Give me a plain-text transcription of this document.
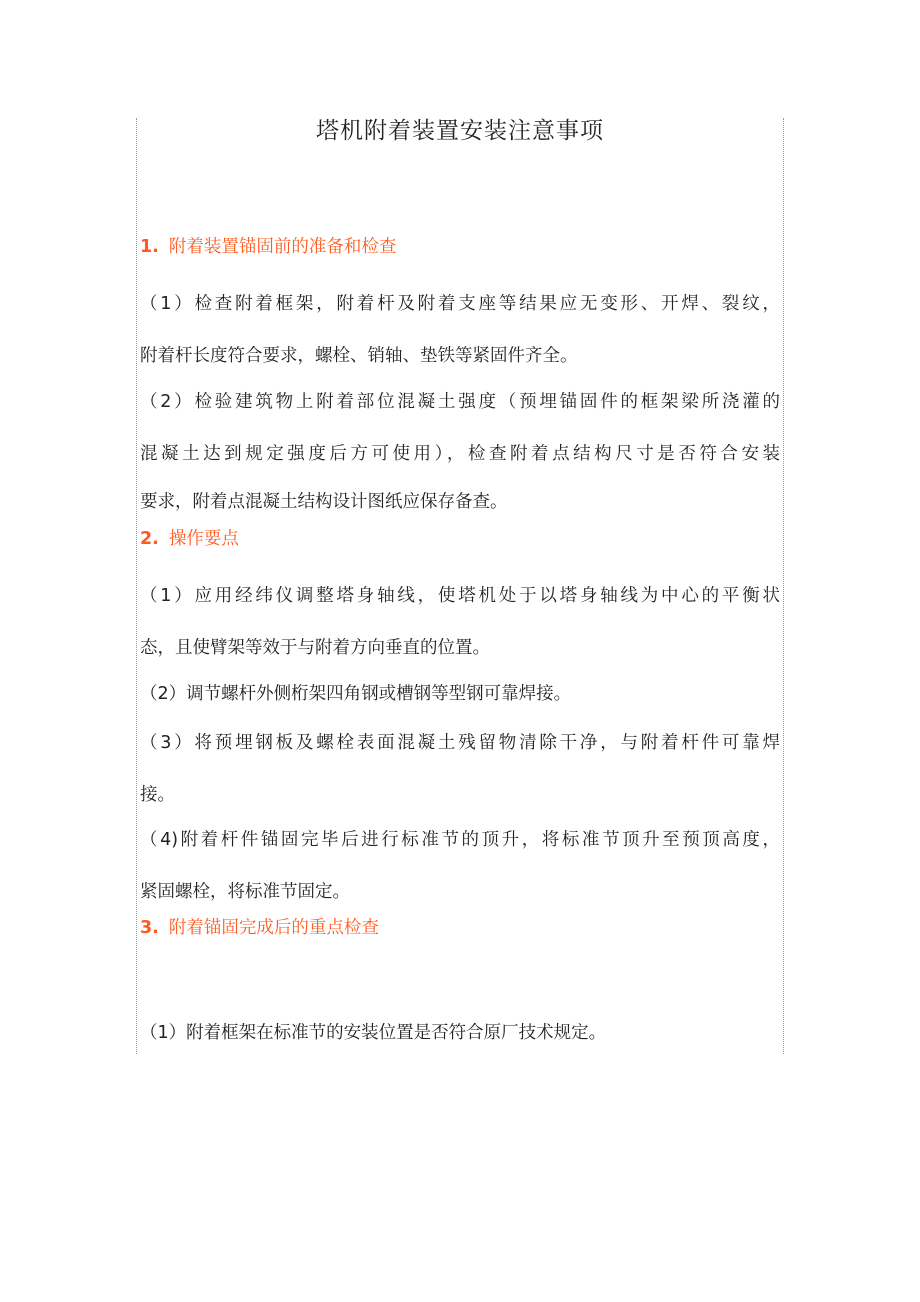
塔机附着装置安装注意事项
1. 附着装置锚固前的准备和检查
（1）检查附着框架，附着杆及附着支座等结果应无变形、开焊、裂纹，
附着杆长度符合要求，螺栓、销轴、垫铁等紧固件齐全。
（2）检验建筑物上附着部位混凝土强度（预埋锚固件的框架梁所浇灌的
混凝土达到规定强度后方可使用），检查附着点结构尺寸是否符合安装
要求，附着点混凝土结构设计图纸应保存备查。
2. 操作要点
（1）应用经纬仪调整塔身轴线，使塔机处于以塔身轴线为中心的平衡状
态，且使臂架等效于与附着方向垂直的位置。
（2）调节螺杆外侧桁架四角钢或槽钢等型钢可靠焊接。
（3）将预埋钢板及螺栓表面混凝土残留物清除干净，与附着杆件可靠焊
接。
（4)附着杆件锚固完毕后进行标准节的顶升，将标准节顶升至预顶高度，
紧固螺栓，将标准节固定。
3. 附着锚固完成后的重点检查
（1）附着框架在标准节的安装位置是否符合原厂技术规定。
